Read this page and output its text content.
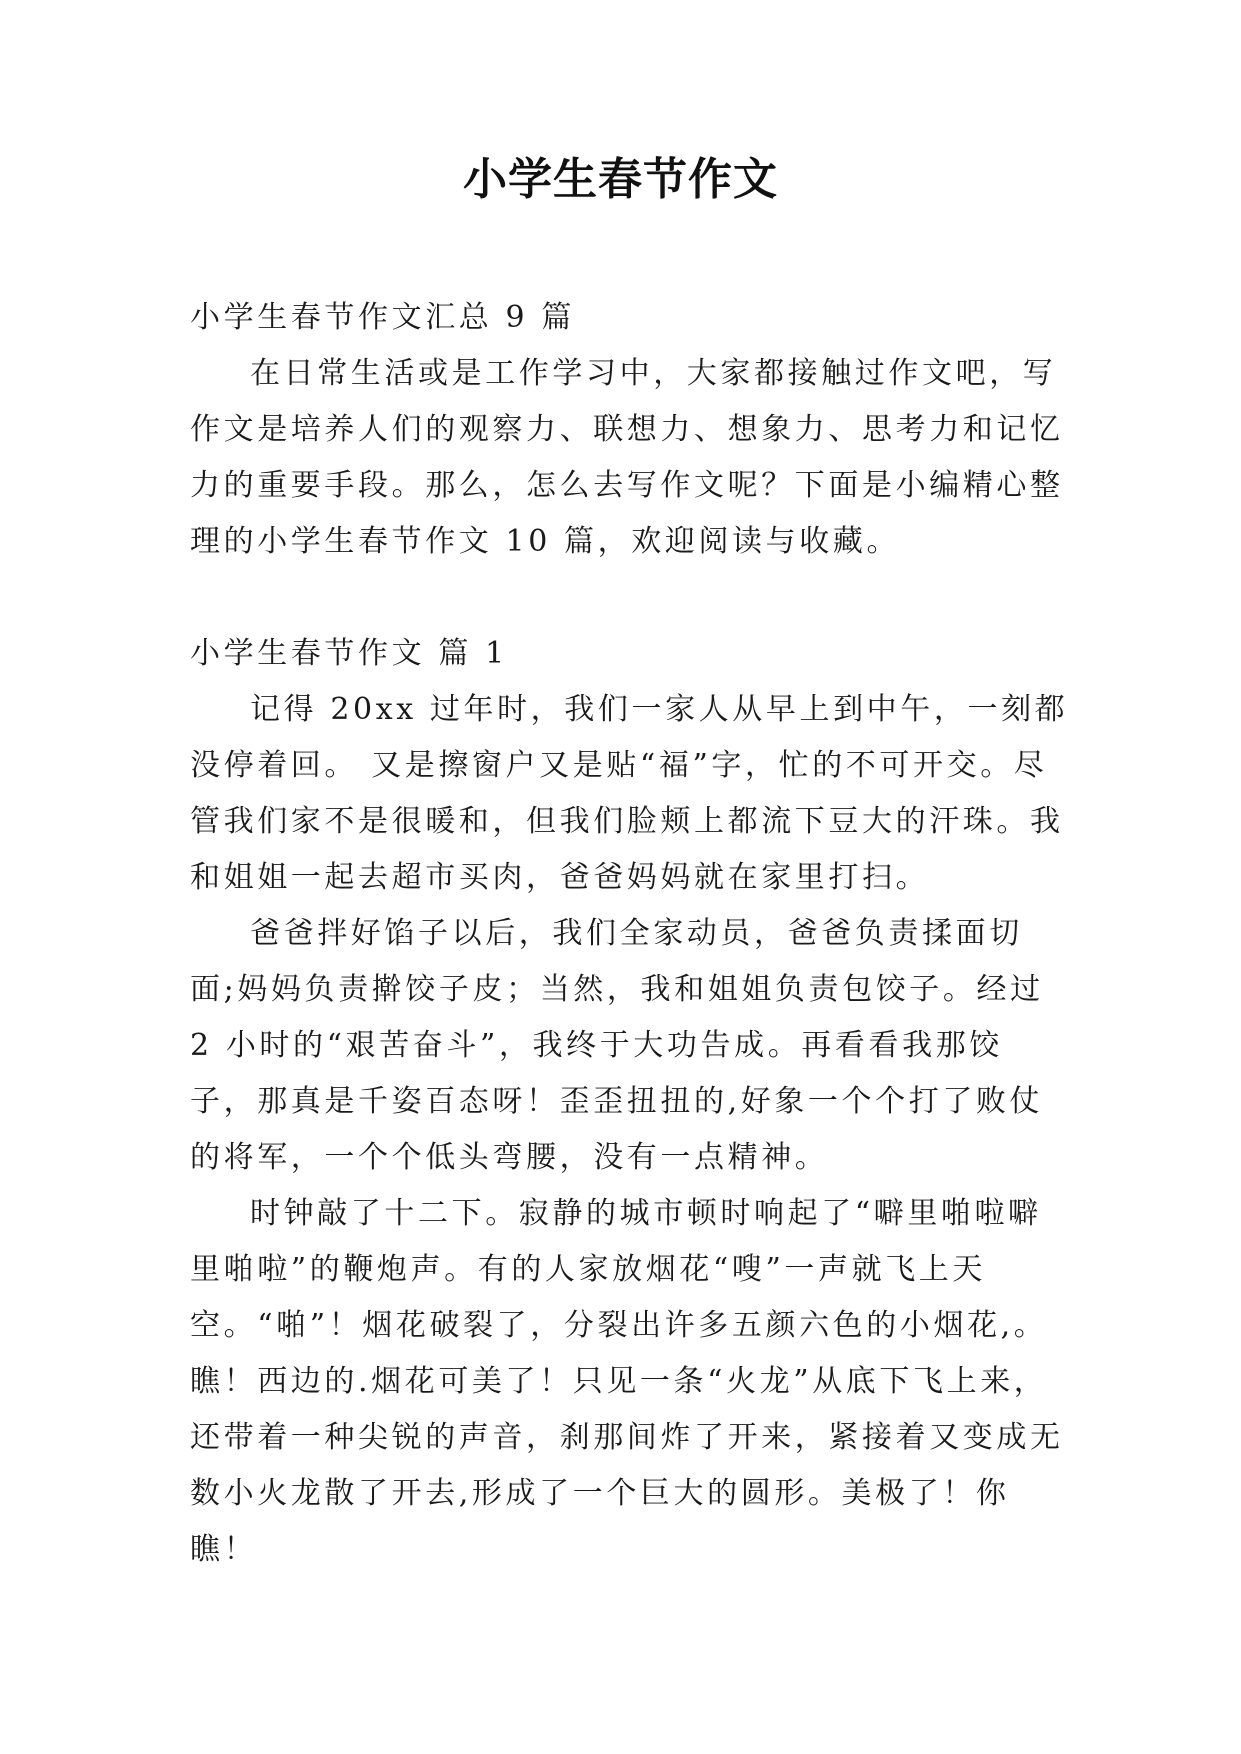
小学生春节作文

小学生春节作文汇总 9 篇

在日常生活或是工作学习中，大家都接触过作文吧，写作文是培养人们的观察力、联想力、想象力、思考力和记忆力的重要手段。那么，怎么去写作文呢？下面是小编精心整理的小学生春节作文 10 篇，欢迎阅读与收藏。

小学生春节作文 篇 1

记得 20xx 过年时，我们一家人从早上到中午，一刻都没停着回。 又是擦窗户又是贴“福”字，忙的不可开交。尽管我们家不是很暖和，但我们脸颊上都流下豆大的汗珠。我和姐姐一起去超市买肉，爸爸妈妈就在家里打扫。

爸爸拌好馅子以后，我们全家动员，爸爸负责揉面切面;妈妈负责擀饺子皮；当然，我和姐姐负责包饺子。经过 2 小时的“艰苦奋斗”，我终于大功告成。再看看我那饺子，那真是千姿百态呀！歪歪扭扭的,好象一个个打了败仗的将军，一个个低头弯腰，没有一点精神。

时钟敲了十二下。寂静的城市顿时响起了“噼里啪啦噼里啪啦”的鞭炮声。有的人家放烟花“嗖”一声就飞上天空。“啪”！烟花破裂了，分裂出许多五颜六色的小烟花,。瞧！西边的.烟花可美了！只见一条“火龙”从底下飞上来，还带着一种尖锐的声音，刹那间炸了开来，紧接着又变成无数小火龙散了开去,形成了一个巨大的圆形。美极了！你瞧！
